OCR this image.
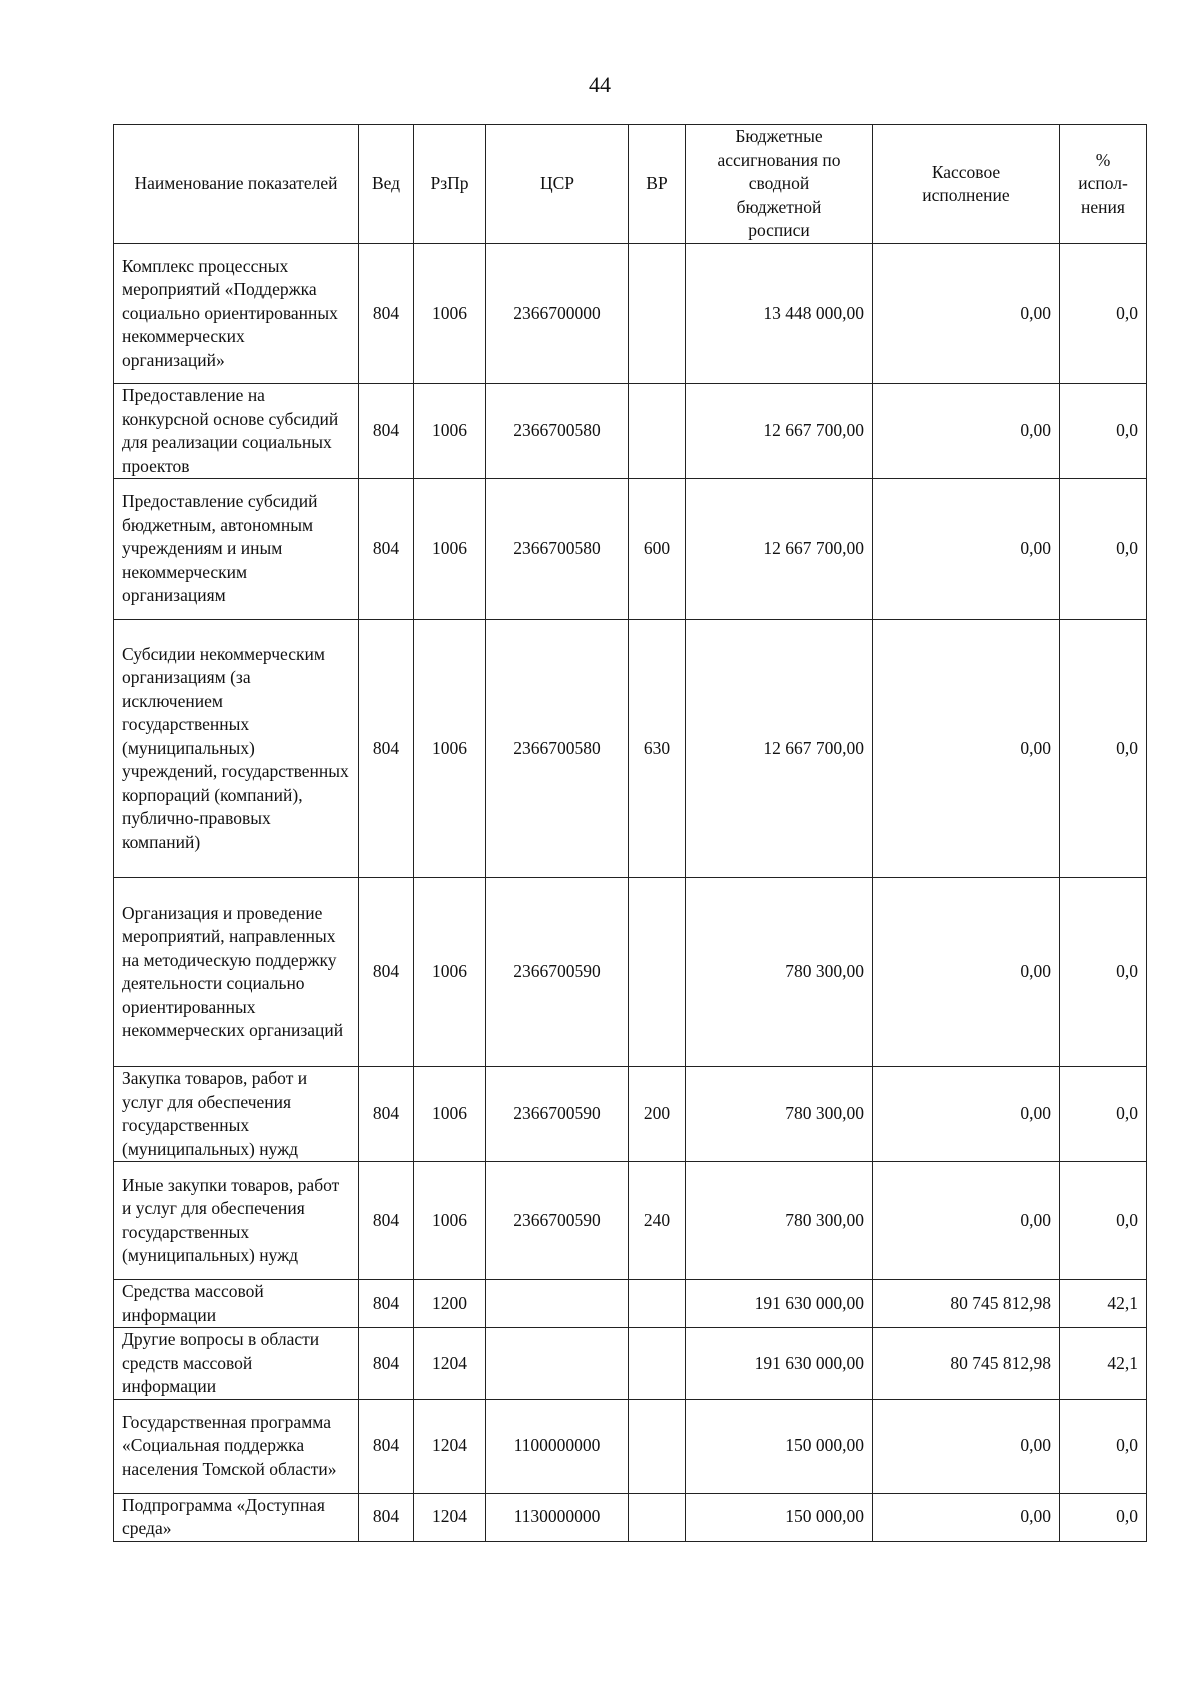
44
Наименование показателей	Вед	РзПр	ЦСР	ВР	Бюджетные ассигнования по сводной бюджетной росписи	Кассовое исполнение	% испол-нения
Комплекс процессных мероприятий «Поддержка социально ориентированных некоммерческих организаций»	804	1006	2366700000		13 448 000,00	0,00	0,0
Предоставление на конкурсной основе субсидий для реализации социальных проектов	804	1006	2366700580		12 667 700,00	0,00	0,0
Предоставление субсидий бюджетным, автономным учреждениям и иным некоммерческим организациям	804	1006	2366700580	600	12 667 700,00	0,00	0,0
Субсидии некоммерческим организациям (за исключением государственных (муниципальных) учреждений, государственных корпораций (компаний), публично-правовых компаний)	804	1006	2366700580	630	12 667 700,00	0,00	0,0
Организация и проведение мероприятий, направленных на методическую поддержку деятельности социально ориентированных некоммерческих организаций	804	1006	2366700590		780 300,00	0,00	0,0
Закупка товаров, работ и услуг для обеспечения государственных (муниципальных) нужд	804	1006	2366700590	200	780 300,00	0,00	0,0
Иные закупки товаров, работ и услуг для обеспечения государственных (муниципальных) нужд	804	1006	2366700590	240	780 300,00	0,00	0,0
Средства массовой информации	804	1200			191 630 000,00	80 745 812,98	42,1
Другие вопросы в области средств массовой информации	804	1204			191 630 000,00	80 745 812,98	42,1
Государственная программа «Социальная поддержка населения Томской области»	804	1204	1100000000		150 000,00	0,00	0,0
Подпрограмма «Доступная среда»	804	1204	1130000000		150 000,00	0,00	0,0
